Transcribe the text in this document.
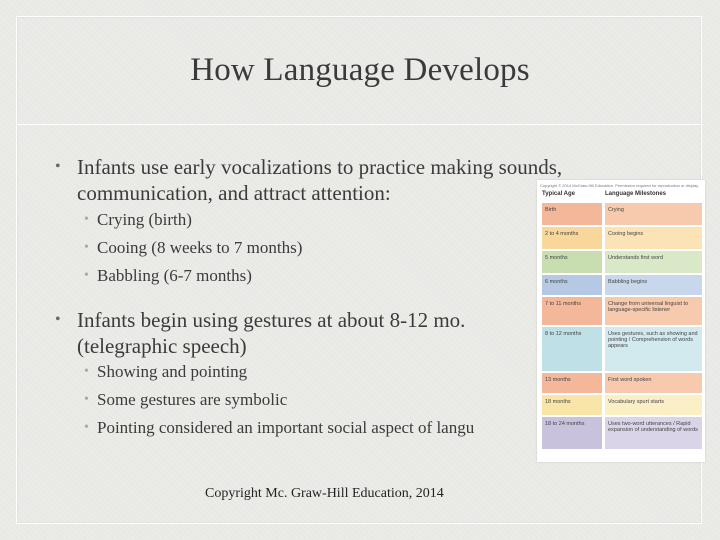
How Language Develops
• Infants use early vocalizations to practice making sounds,
communication, and attract attention:
• Crying (birth)
• Cooing (8 weeks to 7 months)
• Babbling (6-7 months)
• Infants begin using gestures at about 8-12 mo.
(telegraphic speech)
• Showing and pointing
• Some gestures are symbolic
• Pointing considered an important social aspect of langu
Copyright © 2014 McGraw-Hill Education. Permission required for reproduction or display.
Typical Age	Language Milestones
Birth	Crying
2 to 4 months	Cooing begins
5 months	Understands first word
6 months	Babbling begins
7 to 11 months	Change from universal linguist to language-specific listener
8 to 12 months	Uses gestures, such as showing and pointing / Comprehension of words appears
13 months	First word spoken
18 months	Vocabulary spurt starts
18 to 24 months	Uses two-word utterances / Rapid expansion of understanding of words
Copyright Mc. Graw-Hill Education, 2014
